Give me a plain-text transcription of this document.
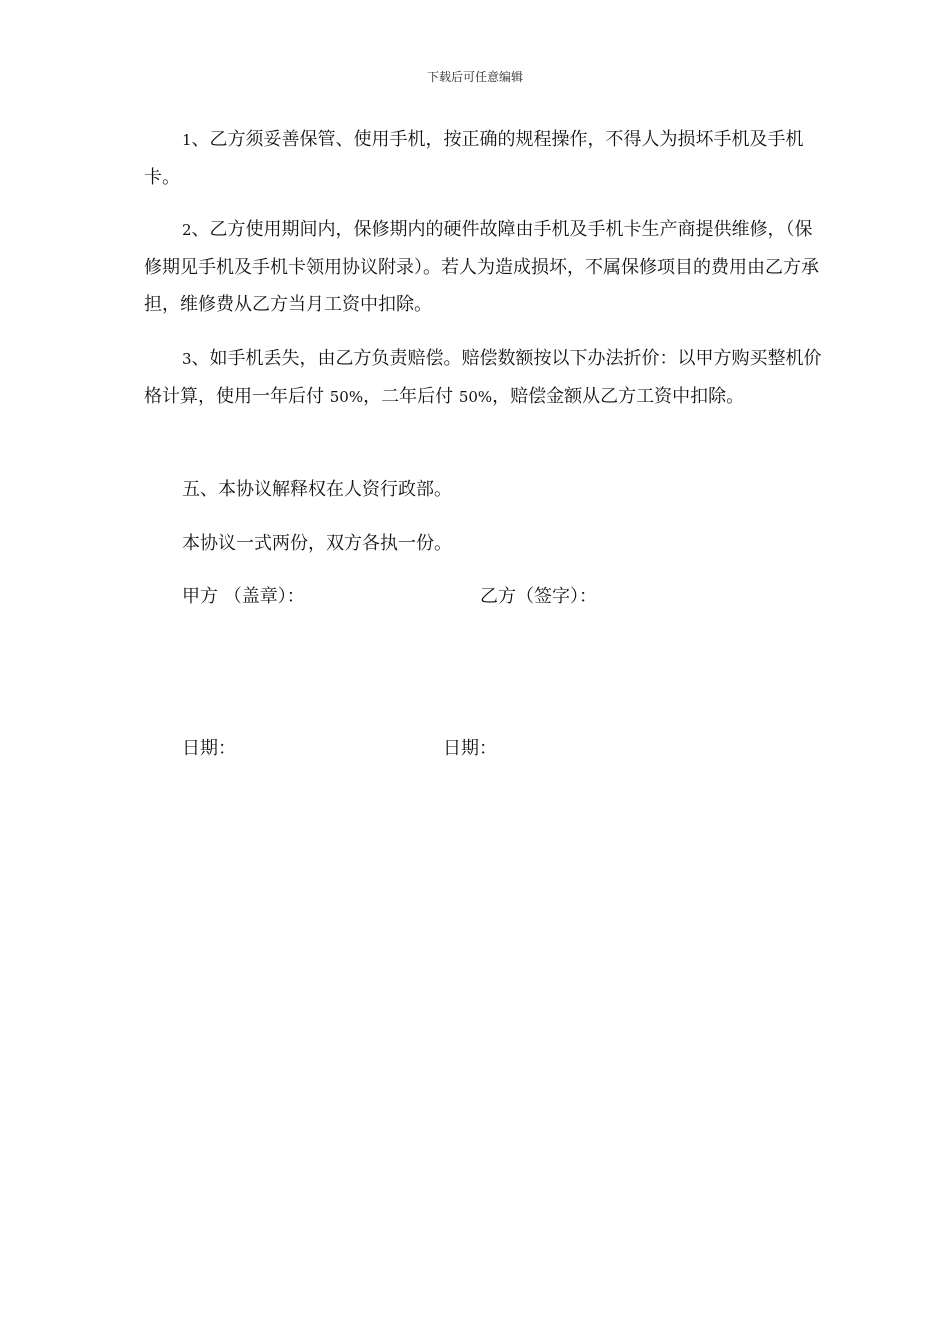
下载后可任意编辑

1、乙方须妥善保管、使用手机，按正确的规程操作，不得人为损坏手机及手机卡。

2、乙方使用期间内，保修期内的硬件故障由手机及手机卡生产商提供维修，（保修期见手机及手机卡领用协议附录）。若人为造成损坏，不属保修项目的费用由乙方承担，维修费从乙方当月工资中扣除。

3、如手机丢失，由乙方负责赔偿。赔偿数额按以下办法折价：以甲方购买整机价格计算，使用一年后付 50%，二年后付 50%，赔偿金额从乙方工资中扣除。

五、本协议解释权在人资行政部。
本协议一式两份，双方各执一份。
甲方 （盖章）：	乙方（签字）：
日期：	日期：
